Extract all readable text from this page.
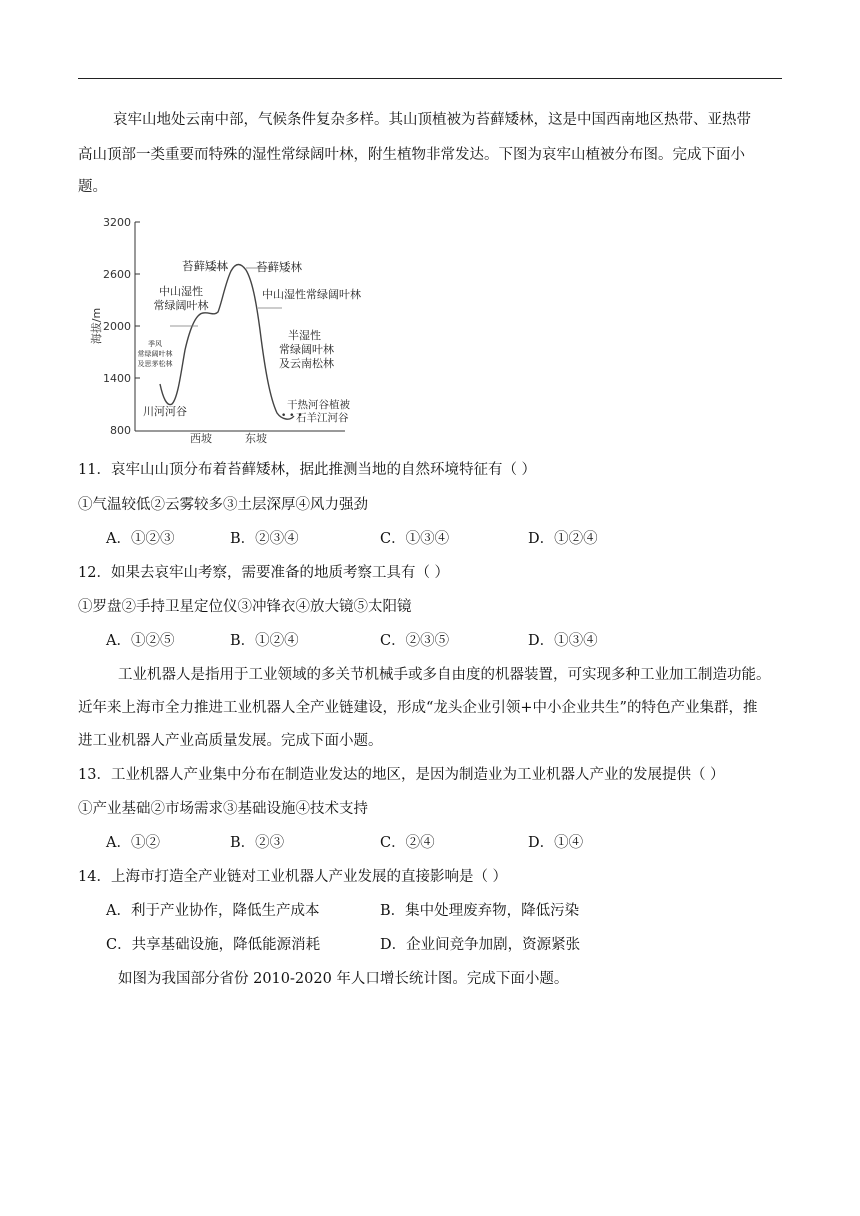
哀牢山地处云南中部，气候条件复杂多样。其山顶植被为苔藓矮林，这是中国西南地区热带、亚热带
高山顶部一类重要而特殊的湿性常绿阔叶林，附生植物非常发达。下图为哀牢山植被分布图。完成下面小
题。
3200
2600
2000
1400
800
海拔/m
西坡	东坡
• • •
苔藓矮林 苔藓矮林
中山湿性
常绿阔叶林
中山湿性常绿阔叶林
季风
常绿阔叶林
及思茅松林
半湿性
常绿阔叶林
及云南松林
川河河谷	干热河谷植被
石羊江河谷
11．哀牢山山顶分布着苔藓矮林，据此推测当地的自然环境特征有（ ）
①气温较低②云雾较多③土层深厚④风力强劲
A．①②③	B．②③④	C．①③④	D．①②④
12．如果去哀牢山考察，需要准备的地质考察工具有（ ）
①罗盘②手持卫星定位仪③冲锋衣④放大镜⑤太阳镜
A．①②⑤	B．①②④	C．②③⑤	D．①③④
工业机器人是指用于工业领域的多关节机械手或多自由度的机器装置，可实现多种工业加工制造功能。
近年来上海市全力推进工业机器人全产业链建设，形成“龙头企业引领+中小企业共生”的特色产业集群，推
进工业机器人产业高质量发展。完成下面小题。
13．工业机器人产业集中分布在制造业发达的地区，是因为制造业为工业机器人产业的发展提供（ ）
①产业基础②市场需求③基础设施④技术支持
A．①②	B．②③	C．②④	D．①④
14．上海市打造全产业链对工业机器人产业发展的直接影响是（ ）
A．利于产业协作，降低生产成本	B．集中处理废弃物，降低污染
C．共享基础设施，降低能源消耗	D．企业间竞争加剧，资源紧张
如图为我国部分省份 2010-2020 年人口增长统计图。完成下面小题。
